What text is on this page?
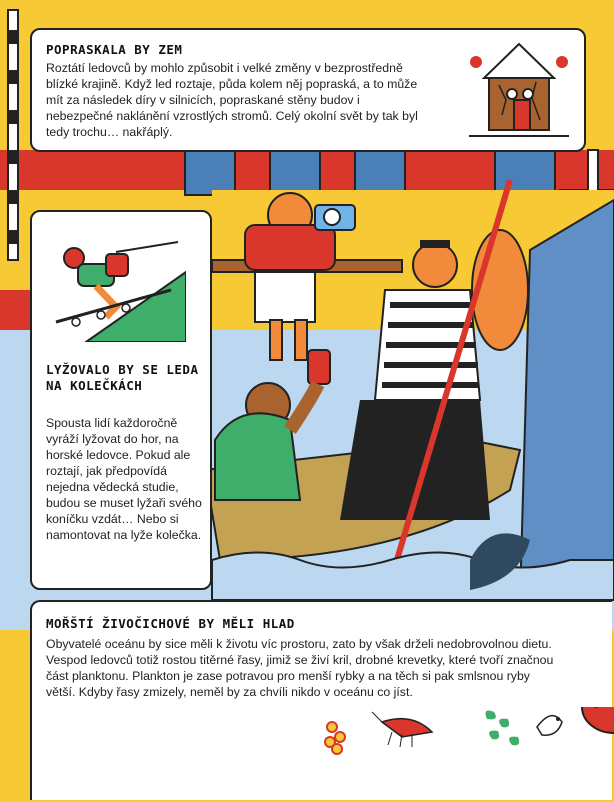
POPRASKALA BY ZEM
Roztátí ledovců by mohlo způsobit i velké změny v bezprostředně blízké krajině. Když led roztaje, půda kolem něj popraská, a to může mít za následek díry v silnicích, popraskané stěny budov i nebezpečné naklánění vzrostlých stromů. Celý okolní svět by tak byl tedy trochu… nakřáplý.
LYŽOVALO BY SE LEDA NA KOLEČKÁCH
Spousta lidí každoročně vyráží lyžovat do hor, na horské ledovce. Pokud ale roztají, jak předpovídá nejedna vědecká studie, budou se muset lyžaři svého koníčku vzdát… Nebo si namontovat na lyže kolečka.
MOŘŠTÍ ŽIVOČICHOVÉ BY MĚLI HLAD
Obyvatelé oceánu by sice měli k životu víc prostoru, zato by však drželi nedobrovolnou dietu. Vespod ledovců totiž rostou titěrné řasy, jimiž se živí kril, drobné krevetky, které tvoří značnou část planktonu. Plankton je zase potravou pro menší rybky a na těch si pak smlsnou ryby větší. Kdyby řasy zmizely, neměl by za chvíli nikdo v oceánu co jíst.
